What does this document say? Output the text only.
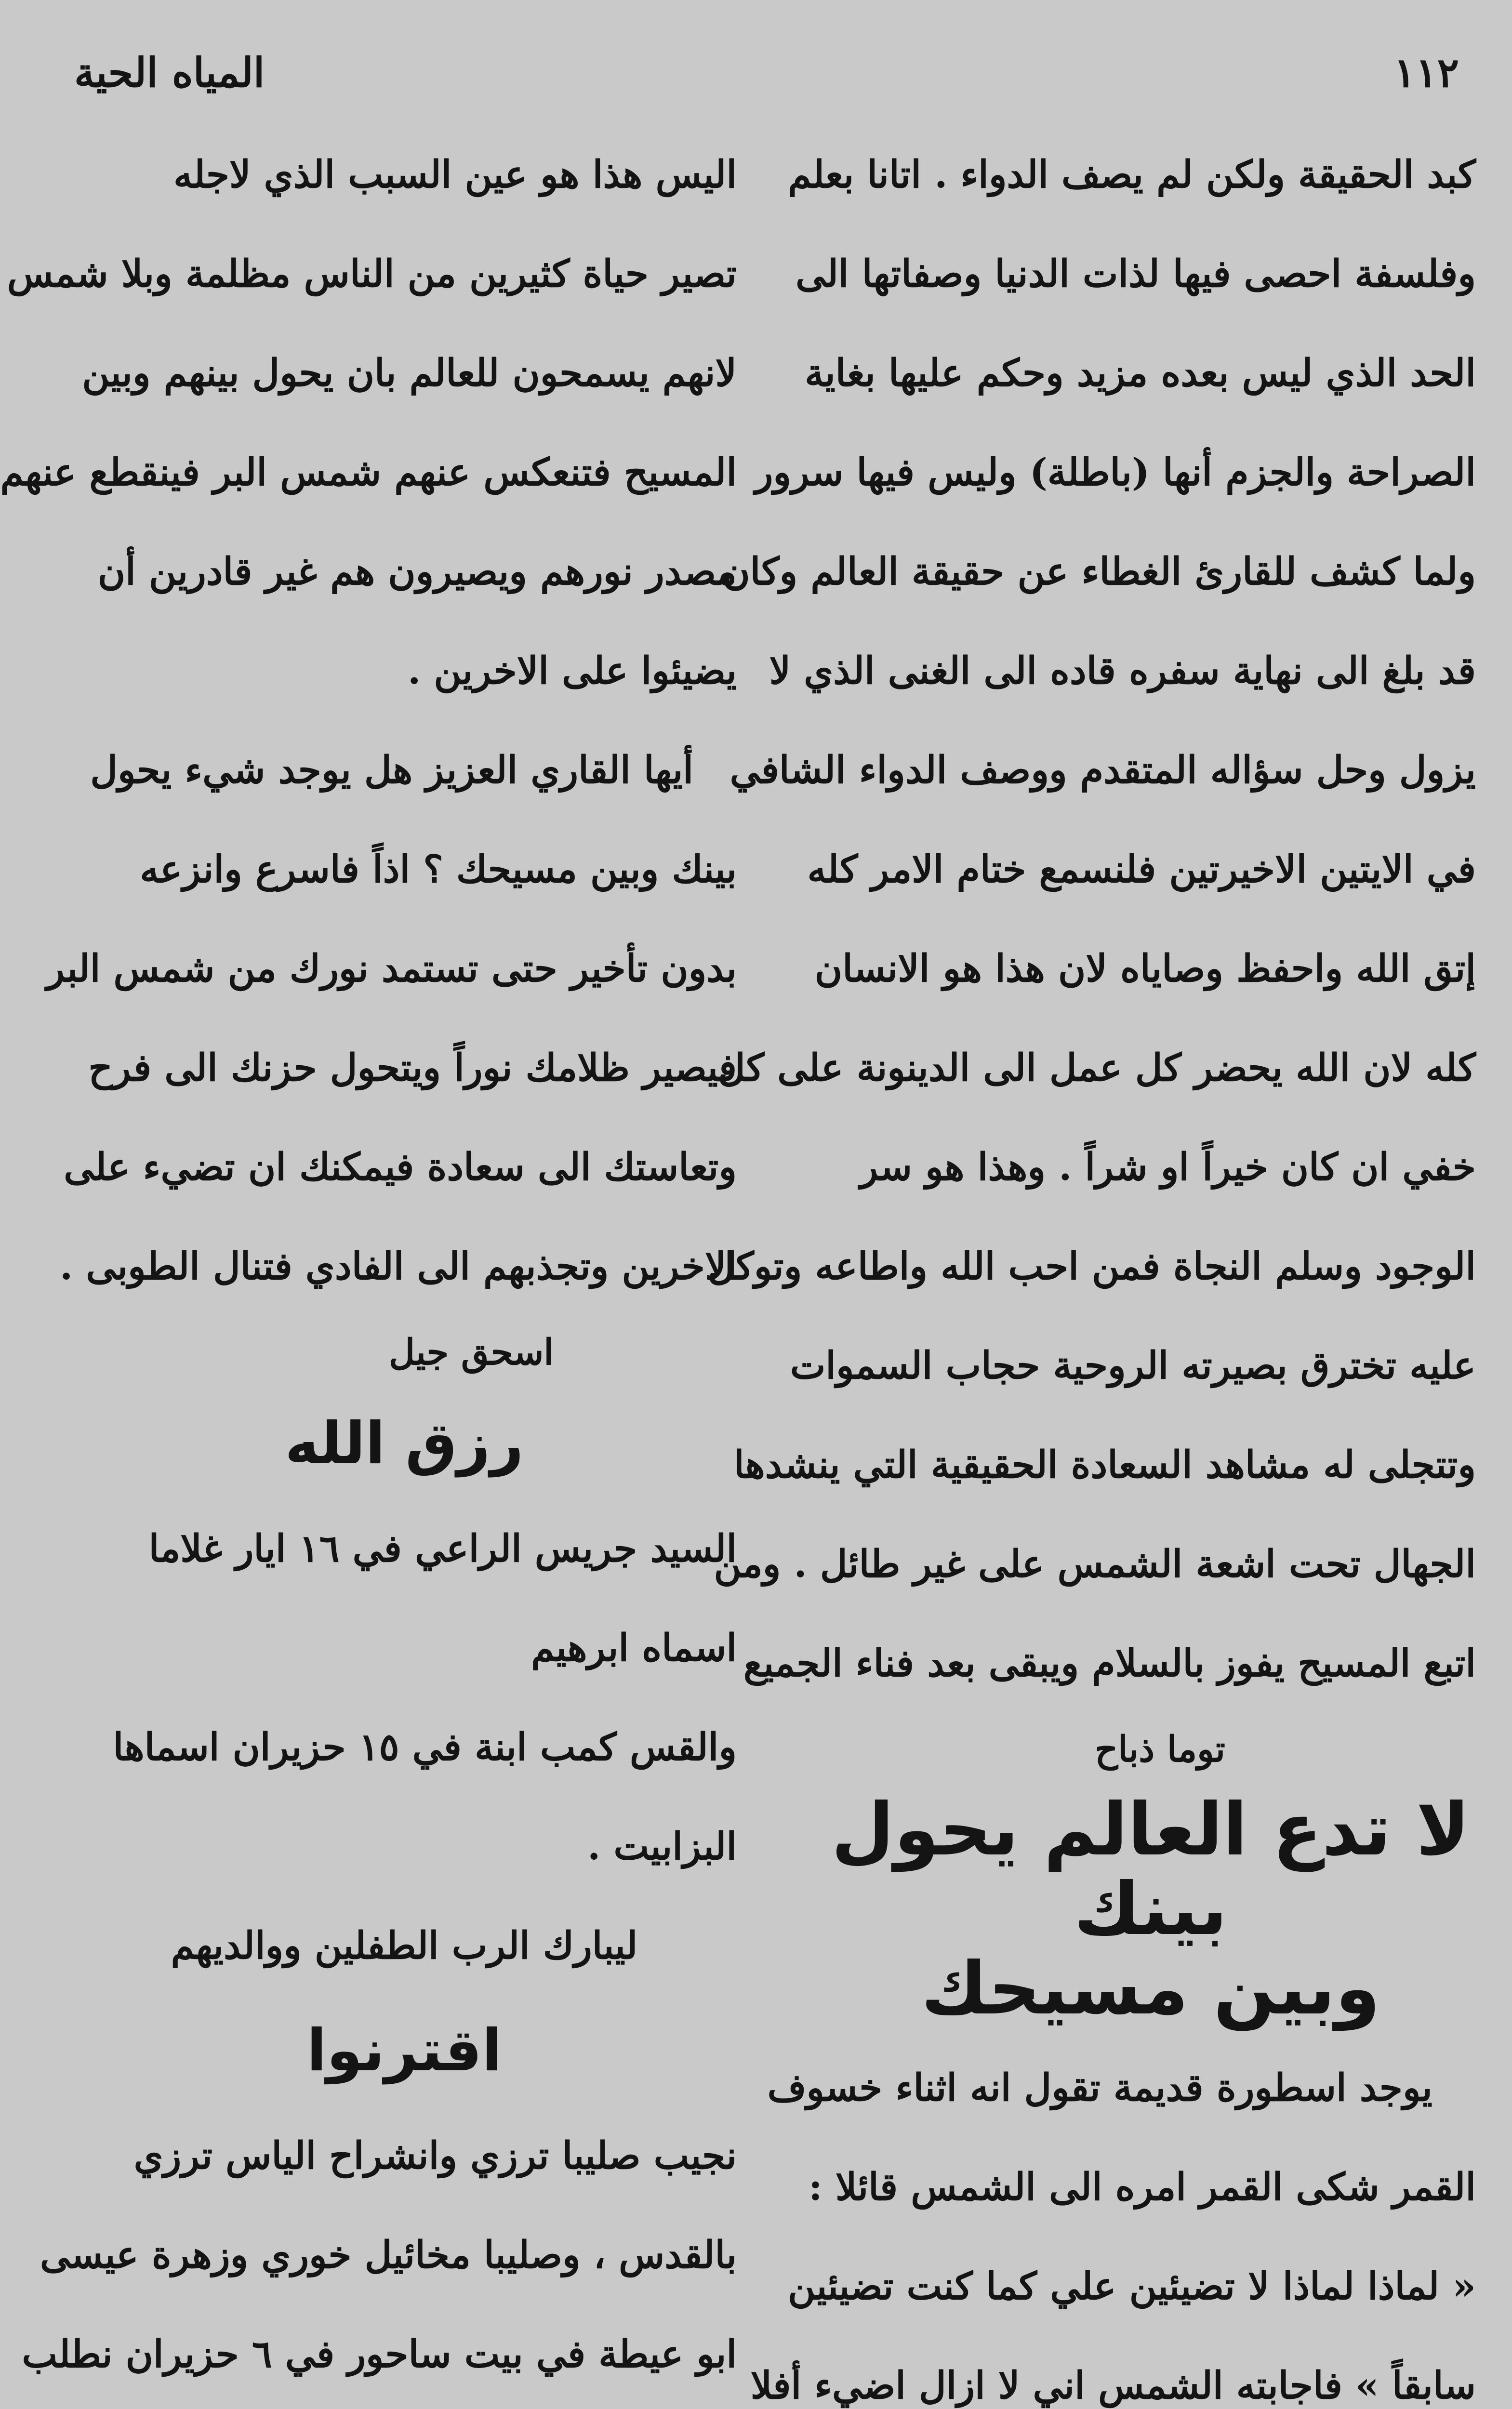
١١٢
المياه الحية
كبد الحقيقة ولكن لم يصف الدواء . اتانا بعلم
وفلسفة احصى فيها لذات الدنيا وصفاتها الى
الحد الذي ليس بعده مزيد وحكم عليها بغاية
الصراحة والجزم أنها (باطلة) وليس فيها سرور
ولما كشف للقارئ الغطاء عن حقيقة العالم وكان
قد بلغ الى نهاية سفره قاده الى الغنى الذي لا
يزول وحل سؤاله المتقدم ووصف الدواء الشافي
في الايتين الاخيرتين فلنسمع ختام الامر كله
إتق الله واحفظ وصاياه لان هذا هو الانسان
كله لان الله يحضر كل عمل الى الدينونة على كل
خفي ان كان خيراً او شراً . وهذا هو سر
الوجود وسلم النجاة فمن احب الله واطاعه وتوكل
عليه تخترق بصيرته الروحية حجاب السموات
وتتجلى له مشاهد السعادة الحقيقية التي ينشدها
الجهال تحت اشعة الشمس على غير طائل . ومن
اتبع المسيح يفوز بالسلام ويبقى بعد فناء الجميع
توما ذباح
لا تدع العالم يحول بينك
وبين مسيحك
يوجد اسطورة قديمة تقول انه اثناء خسوف
القمر شكى القمر امره الى الشمس قائلا :
« لماذا لماذا لا تضيئين علي كما كنت تضيئين
سابقاً » فاجابته الشمس اني لا ازال اضيء أفلا
اليس هذا هو عين السبب الذي لاجله
تصير حياة كثيرين من الناس مظلمة وبلا شمس
لانهم يسمحون للعالم بان يحول بينهم وبين
المسيح فتنعكس عنهم شمس البر فينقطع عنهم
مصدر نورهم ويصيرون هم غير قادرين أن
يضيئوا على الاخرين .
أيها القاري العزيز هل يوجد شيء يحول
بينك وبين مسيحك ؟ اذاً فاسرع وانزعه
بدون تأخير حتى تستمد نورك من شمس البر
فيصير ظلامك نوراً ويتحول حزنك الى فرح
وتعاستك الى سعادة فيمكنك ان تضيء على
الاخرين وتجذبهم الى الفادي فتنال الطوبى .
اسحق جيل
رزق الله
السيد جريس الراعي في ١٦ ايار غلاما
اسماه ابرهيم
والقس كمب ابنة في ١٥ حزيران اسماها
البزابيت .
ليبارك الرب الطفلين ووالديهم
اقترنوا
نجيب صليبا ترزي وانشراح الياس ترزي
بالقدس ، وصليبا مخائيل خوري وزهرة عيسى
ابو عيطة في بيت ساحور في ٦ حزيران نطلب
